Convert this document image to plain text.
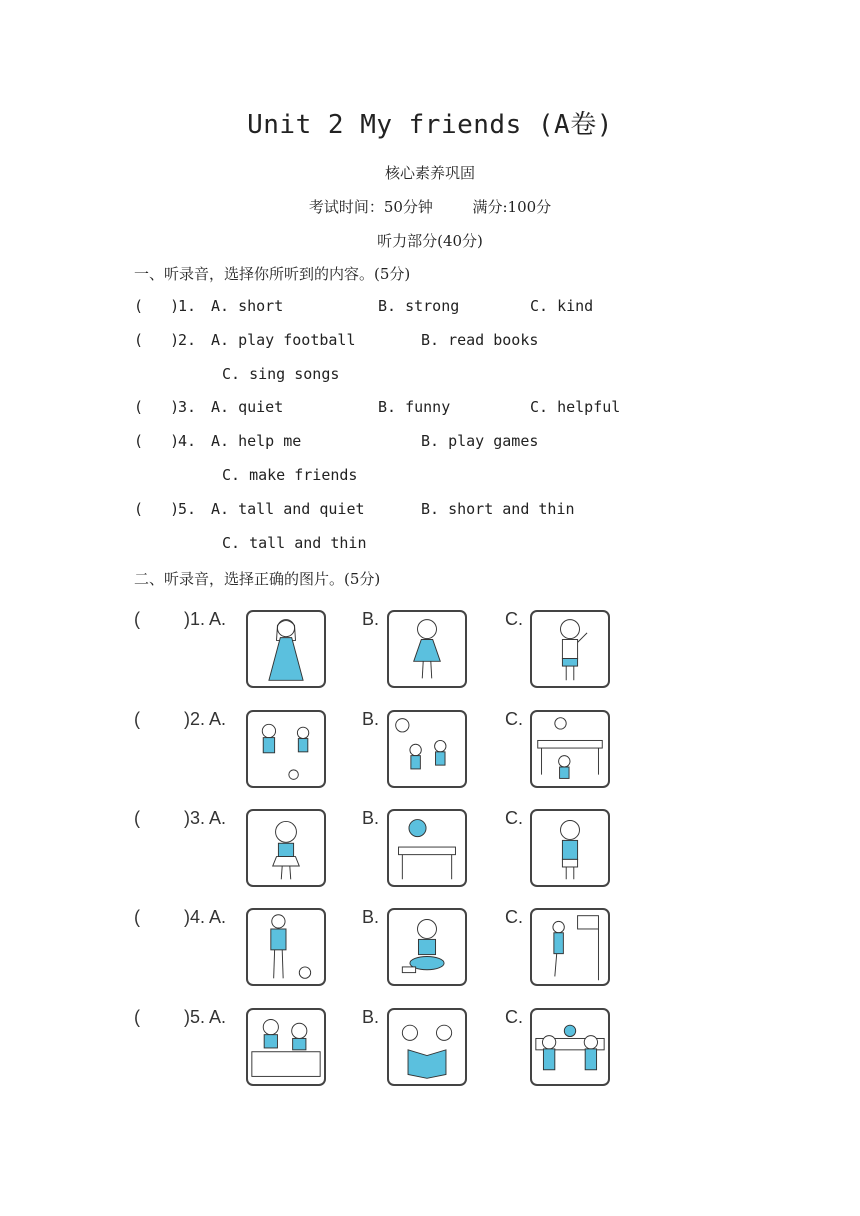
Unit 2 My friends (A卷)
核心素养巩固
考试时间：50分钟	满分:100分
听力部分(40分)
一、听录音，选择你所听到的内容。(5分)
(   )
1. A. short	B. strong	C. kind
(   )
2. A. play football	B. read books
C. sing songs
(   )
3. A. quiet	B. funny	C. helpful
(   )
4. A. help me	B. play games
C. make friends
(   )
5. A. tall and quiet	B. short and thin
C. tall and thin
二、听录音，选择正确的图片。(5分)
( )1. A.	B.	C.
( )2. A.	B.	C.
( )3. A.	B.	C.
( )4. A.	B.	C.
( )5. A.	B.	C.
